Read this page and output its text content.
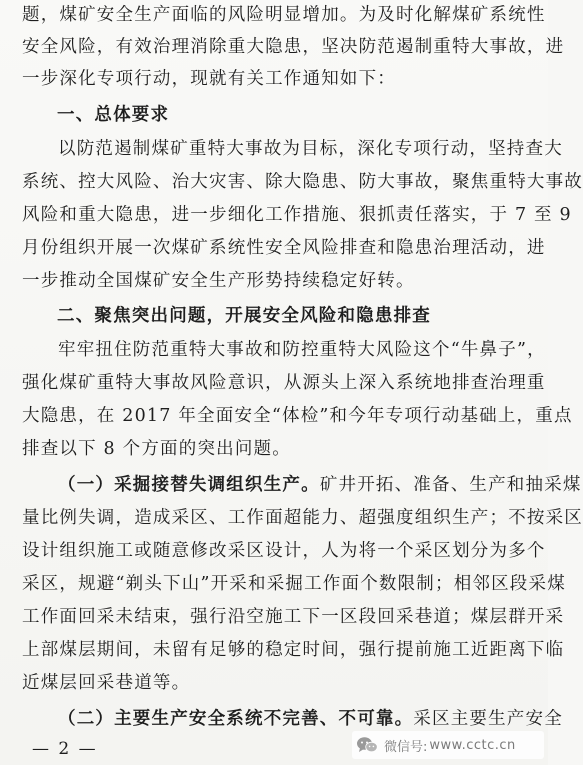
题，煤矿安全生产面临的风险明显增加。为及时化解煤矿系统性
安全风险，有效治理消除重大隐患，坚决防范遏制重特大事故，进
一步深化专项行动，现就有关工作通知如下：
一、总体要求
以防范遏制煤矿重特大事故为目标，深化专项行动，坚持查大
系统、控大风险、治大灾害、除大隐患、防大事故，聚焦重特大事故
风险和重大隐患，进一步细化工作措施、狠抓责任落实，于 7 至 9
月份组织开展一次煤矿系统性安全风险排查和隐患治理活动，进
一步推动全国煤矿安全生产形势持续稳定好转。
二、聚焦突出问题，开展安全风险和隐患排查
牢牢扭住防范重特大事故和防控重特大风险这个“牛鼻子”，
强化煤矿重特大事故风险意识，从源头上深入系统地排查治理重
大隐患，在 2017 年全面安全“体检”和今年专项行动基础上，重点
排查以下 8 个方面的突出问题。
（一）采掘接替失调组织生产。 矿井开拓、准备、生产和抽采煤
量比例失调，造成采区、工作面超能力、超强度组织生产；不按采区
设计组织施工或随意修改采区设计，人为将一个采区划分为多个
采区，规避“剃头下山”开采和采掘工作面个数限制；相邻区段采煤
工作面回采未结束，强行沿空施工下一区段回采巷道；煤层群开采
上部煤层期间，未留有足够的稳定时间，强行提前施工近距离下临
近煤层回采巷道等。
（二）主要生产安全系统不完善、不可靠。 采区主要生产安全
— 2 —	微信号: www.cctc.cn
